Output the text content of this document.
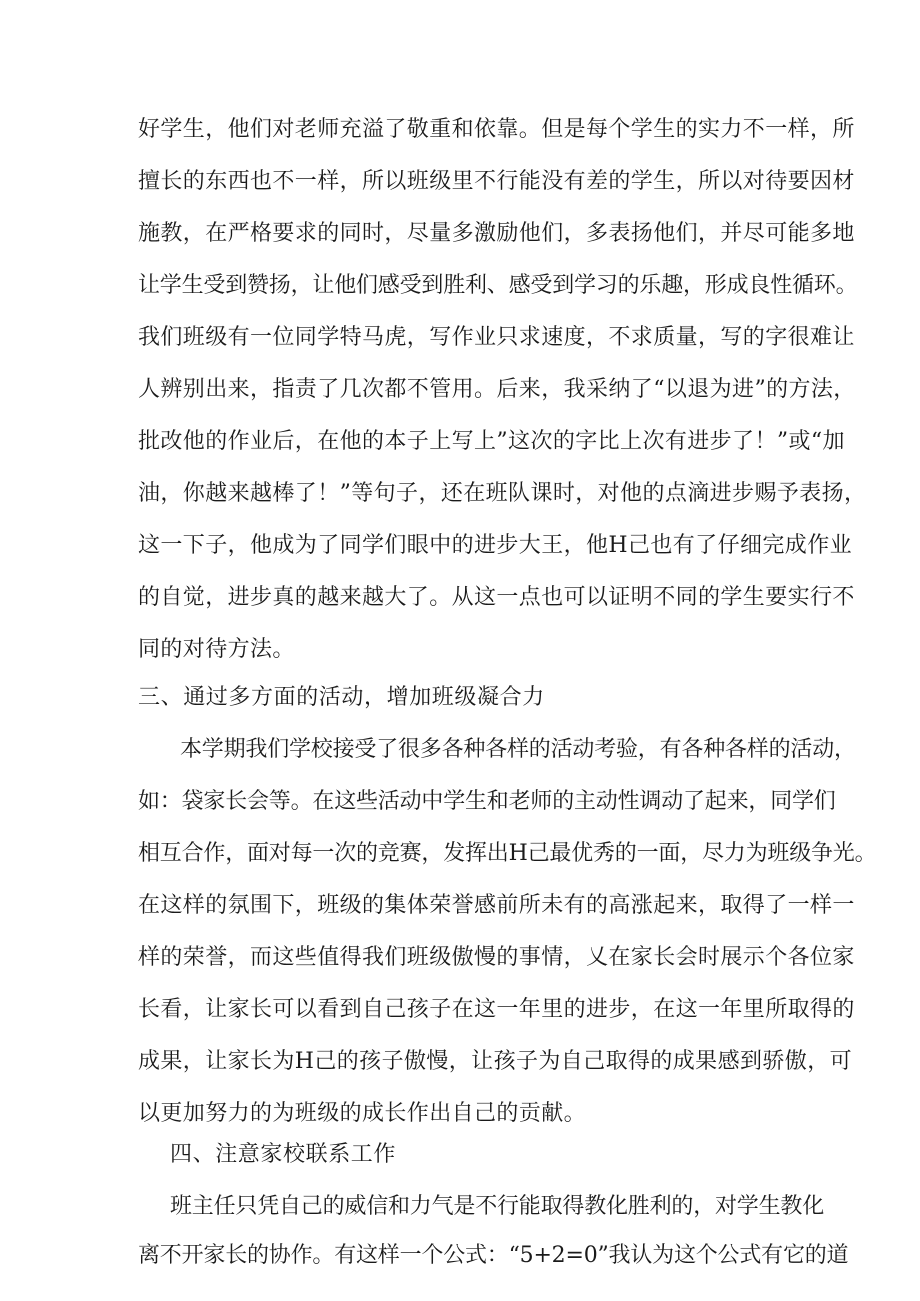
好学生，他们对老师充溢了敬重和依靠。但是每个学生的实力不一样，所
擅长的东西也不一样，所以班级里不行能没有差的学生，所以对待要因材
施教，在严格要求的同时，尽量多激励他们，多表扬他们，并尽可能多地
让学生受到赞扬，让他们感受到胜利、感受到学习的乐趣，形成良性循环。
我们班级有一位同学特马虎，写作业只求速度，不求质量，写的字很难让
人辨别出来，指责了几次都不管用。后来，我采纳了“以退为进”的方法，
批改他的作业后，在他的本子上写上”这次的字比上次有进步了！”或“加
油，你越来越棒了！”等句子，还在班队课时，对他的点滴进步赐予表扬，
这一下子，他成为了同学们眼中的进步大王，他H己也有了仔细完成作业
的自觉，进步真的越来越大了。从这一点也可以证明不同的学生要实行不
同的对待方法。
三、通过多方面的活动，增加班级凝合力
本学期我们学校接受了很多各种各样的活动考验，有各种各样的活动，
如：袋家长会等。在这些活动中学生和老师的主动性调动了起来，同学们
相互合作，面对每一次的竞赛，发挥出H己最优秀的一面，尽力为班级争光。
在这样的氛围下，班级的集体荣誉感前所未有的高涨起来，取得了一样一
样的荣誉，而这些值得我们班级傲慢的事情，乂在家长会时展示个各位家
长看，让家长可以看到自己孩子在这一年里的进步，在这一年里所取得的
成果，让家长为H己的孩子傲慢，让孩子为自己取得的成果感到骄傲，可
以更加努力的为班级的成长作出自己的贡献。
四、注意家校联系工作
班主任只凭自己的威信和力气是不行能取得教化胜利的，对学生教化
离不开家长的协作。有这样一个公式：“5+2=0”我认为这个公式有它的道
